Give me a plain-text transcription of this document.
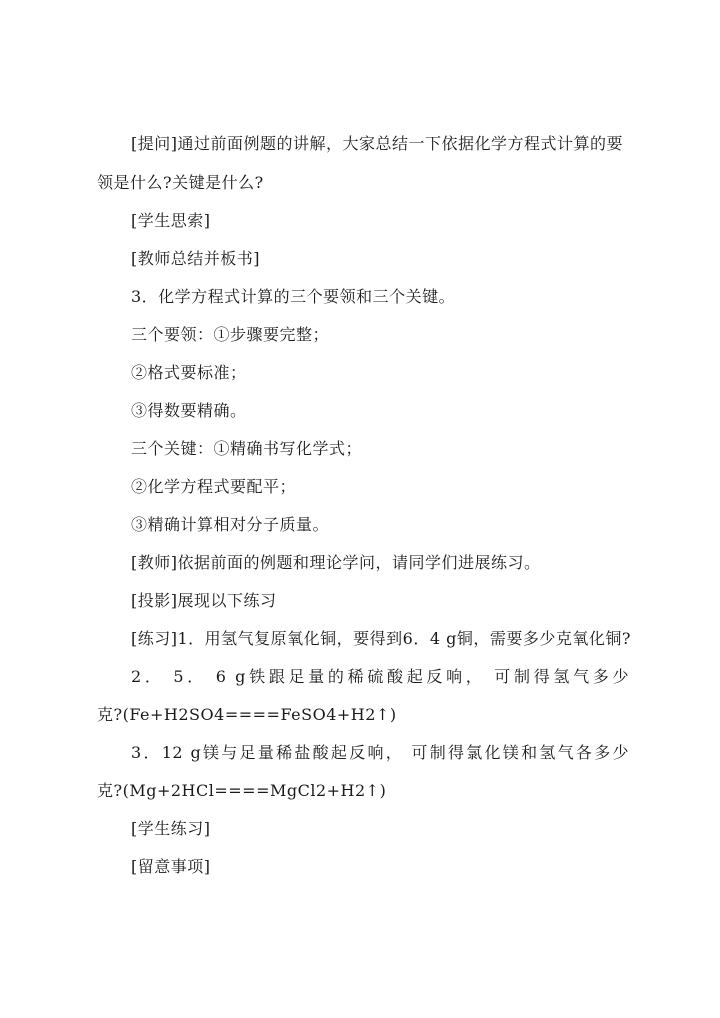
[提问]通过前面例题的讲解，大家总结一下依据化学方程式计算的要
领是什么?关键是什么?
[学生思索]
[教师总结并板书]
3．化学方程式计算的三个要领和三个关键。
三个要领：①步骤要完整；
②格式要标准；
③得数要精确。
三个关键：①精确书写化学式；
②化学方程式要配平；
③精确计算相对分子质量。
[教师]依据前面的例题和理论学问，请同学们进展练习。
[投影]展现以下练习
[练习]1．用氢气复原氧化铜，要得到6．4 g铜，需要多少克氧化铜?
2． 5． 6 g铁跟足量的稀硫酸起反响， 可制得氢气多少
克?(Fe+H2SO4====FeSO4+H2↑)
3．12 g镁与足量稀盐酸起反响， 可制得氯化镁和氢气各多少
克?(Mg+2HCl====MgCl2+H2↑)
[学生练习]
[留意事项]
